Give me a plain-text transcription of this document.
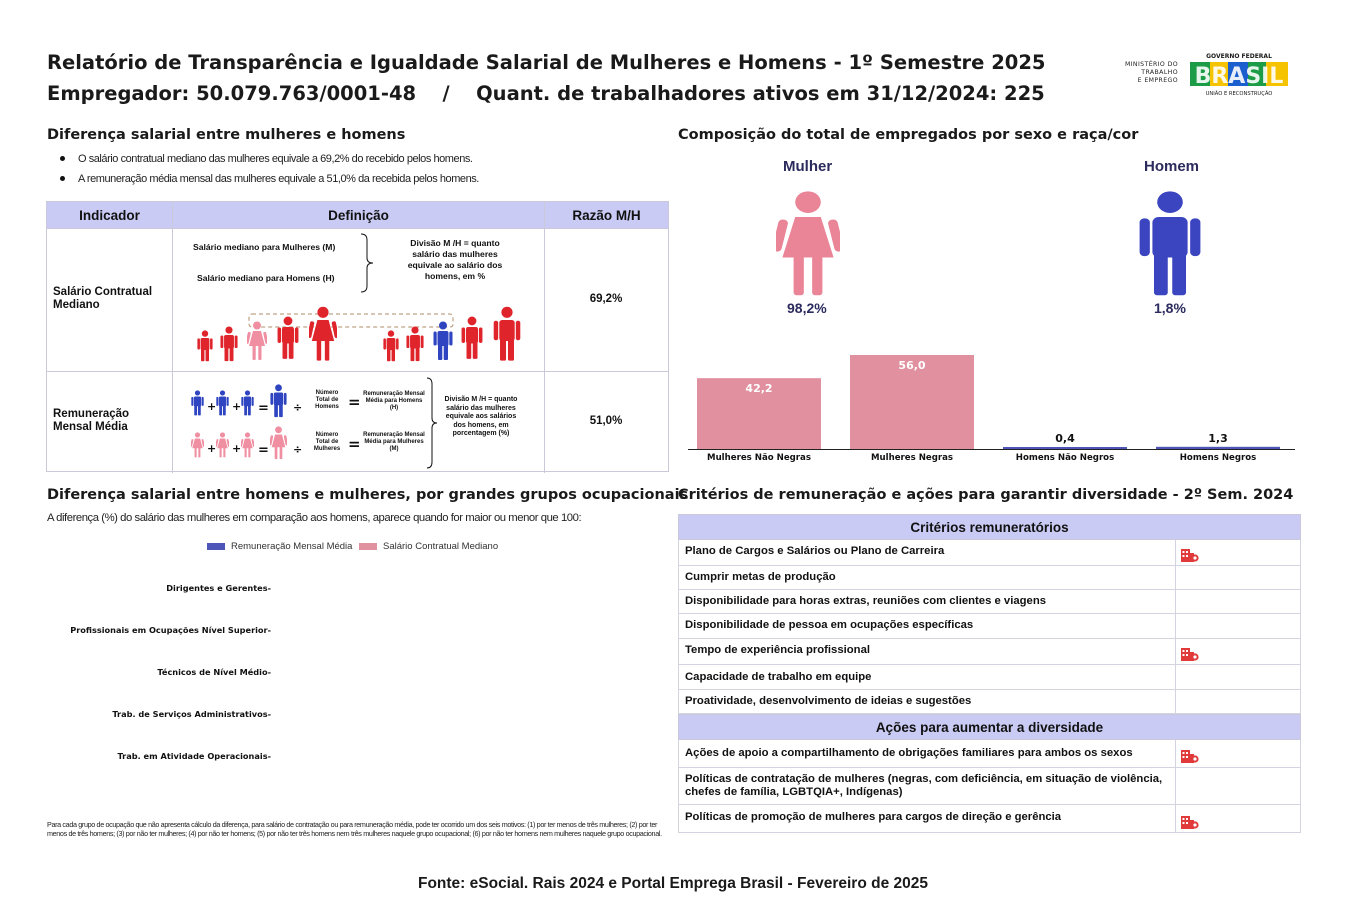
Relatório de Transparência e Igualdade Salarial de Mulheres e Homens - 1º Semestre 2025
Empregador: 50.079.763/0001-48 / Quant. de trabalhadores ativos em 31/12/2024: 225
MINISTÉRIO DO
TRABALHO
E EMPREGO
GOVERNO FEDERAL
BRASIL
UNIÃO E RECONSTRUÇÃO
Diferença salarial entre mulheres e homens
O salário contratual mediano das mulheres equivale a 69,2% do recebido pelos homens.
A remuneração média mensal das mulheres equivale a 51,0% da recebida pelos homens.
Indicador	Definição	Razão M/H
Salário Contratual Mediano
Salário mediano para Mulheres (M)
Salário mediano para Homens (H)
Divisão M /H = quanto salário das mulheres equivale ao salário dos homens, em %
69,2%
Remuneração Mensal Média
+ + = ÷
+ + = ÷
Número Total de Homens
Número Total de Mulheres
=
=
Remuneração Mensal Média para Homens (H)
Remuneração Mensal Média para Mulheres (M)
Divisão M /H = quanto salário das mulheres equivale aos salários dos homens, em porcentagem (%)
51,0%
Composição do total de empregados por sexo e raça/cor
Mulher	Homem
98,2%	1,8%
42,2
Mulheres Não Negras
56,0
Mulheres Negras
0,4
Homens Não Negros
1,3
Homens Negros
Diferença salarial entre homens e mulheres, por grandes grupos ocupacionais
A diferença (%) do salário das mulheres em comparação aos homens, aparece quando for maior ou menor que 100:
Remuneração Mensal Média	Salário Contratual Mediano
Dirigentes e Gerentes-
Profissionais em Ocupações Nível Superior-
Técnicos de Nível Médio-
Trab. de Serviços Administrativos-
Trab. em Atividade Operacionais-
Para cada grupo de ocupação que não apresenta cálculo da diferença, para salário de contratação ou para remuneração média, pode ter ocorrido um dos seis motivos: (1) por ter menos de três mulheres; (2) por ter menos de três homens; (3) por não ter mulheres; (4) por não ter homens; (5) por não ter três homens nem três mulheres naquele grupo ocupacional; (6) por não ter homens nem mulheres naquele grupo ocupacional.
Critérios de remuneração e ações para garantir diversidade - 2º Sem. 2024
Critérios remuneratórios
Plano de Cargos e Salários ou Plano de Carreira
Cumprir metas de produção
Disponibilidade para horas extras, reuniões com clientes e viagens
Disponibilidade de pessoa em ocupações específicas
Tempo de experiência profissional
Capacidade de trabalho em equipe
Proatividade, desenvolvimento de ideias e sugestões
Ações para aumentar a diversidade
Ações de apoio a compartilhamento de obrigações familiares para ambos os sexos
Políticas de contratação de mulheres (negras, com deficiência, em situação de violência, chefes de família, LGBTQIA+, Indígenas)
Políticas de promoção de mulheres para cargos de direção e gerência
Fonte: eSocial. Rais 2024 e Portal Emprega Brasil - Fevereiro de 2025
